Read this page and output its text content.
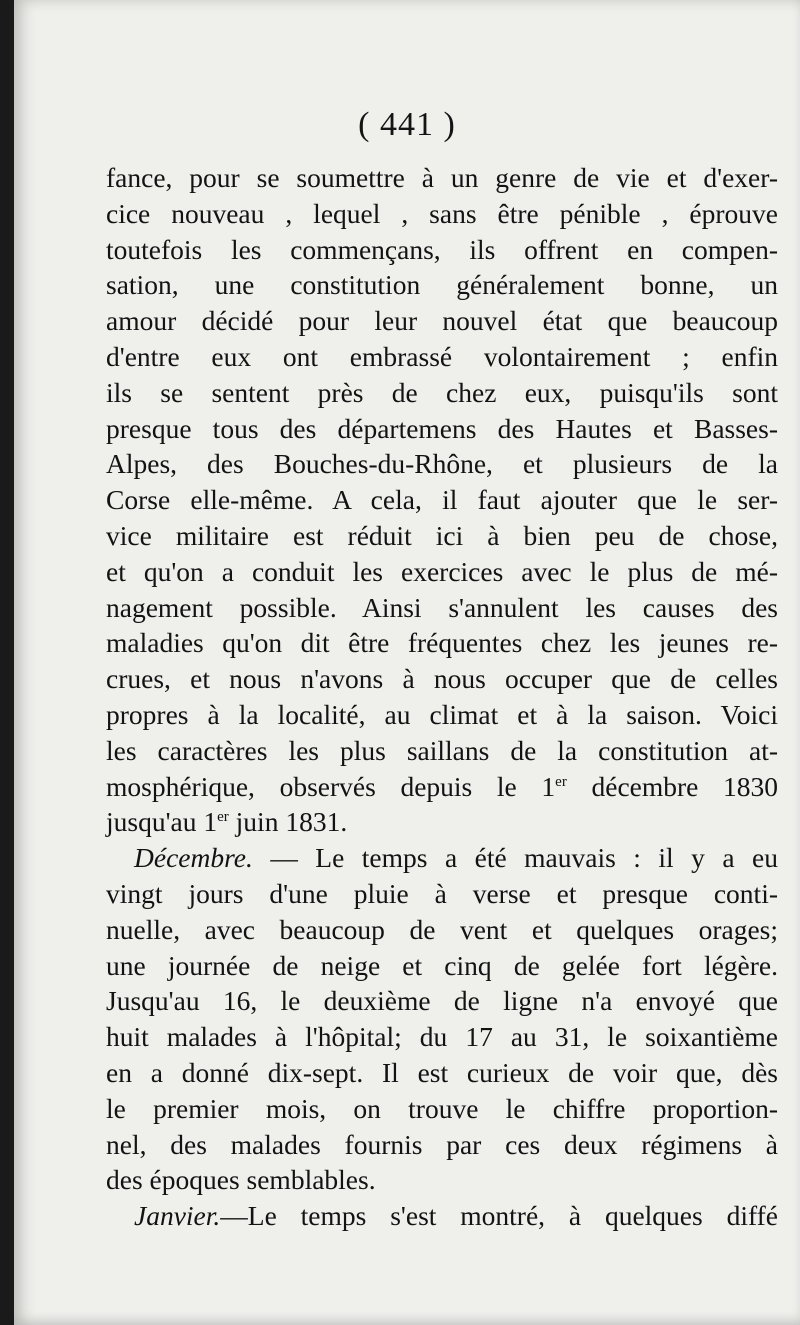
( 441 )
fance, pour se soumettre à un genre de vie et d'exer-
cice nouveau , lequel , sans être pénible , éprouve
toutefois les commençans, ils offrent en compen-
sation, une constitution généralement bonne, un
amour décidé pour leur nouvel état que beaucoup
d'entre eux ont embrassé volontairement ; enfin
ils se sentent près de chez eux, puisqu'ils sont
presque tous des départemens des Hautes et Basses-
Alpes, des Bouches-du-Rhône, et plusieurs de la
Corse elle-même. A cela, il faut ajouter que le ser-
vice militaire est réduit ici à bien peu de chose,
et qu'on a conduit les exercices avec le plus de mé-
nagement possible. Ainsi s'annulent les causes des
maladies qu'on dit être fréquentes chez les jeunes re-
crues, et nous n'avons à nous occuper que de celles
propres à la localité, au climat et à la saison. Voici
les caractères les plus saillans de la constitution at-
mosphérique, observés depuis le 1er décembre 1830
jusqu'au 1er juin 1831.
Décembre. — Le temps a été mauvais : il y a eu
vingt jours d'une pluie à verse et presque conti-
nuelle, avec beaucoup de vent et quelques orages;
une journée de neige et cinq de gelée fort légère.
Jusqu'au 16, le deuxième de ligne n'a envoyé que
huit malades à l'hôpital; du 17 au 31, le soixantième
en a donné dix-sept. Il est curieux de voir que, dès
le premier mois, on trouve le chiffre proportion-
nel, des malades fournis par ces deux régimens à
des époques semblables.
Janvier.—Le temps s'est montré, à quelques diffé
